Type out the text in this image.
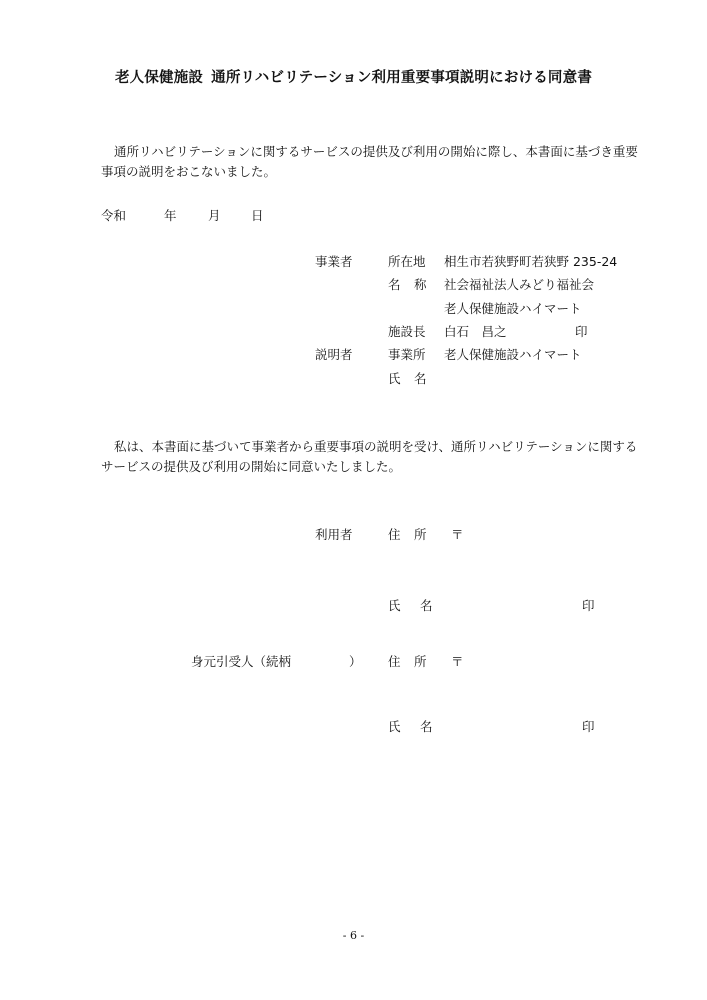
老人保健施設 通所リハビリテーション利用重要事項説明における同意書
通所リハビリテーションに関するサービスの提供及び利用の開始に際し、本書面に基づき重要事項の説明をおこないました。
令和	年	月 日
事業者	所在地 相生市若狭野町若狭野 235-24
名 称 社会福祉法人みどり福祉会
老人保健施設ハイマート
施設長 白石　昌之	印
説明者	事業所 老人保健施設ハイマート
氏 名
私は、本書面に基づいて事業者から重要事項の説明を受け、通所リハビリテーションに関するサービスの提供及び利用の開始に同意いたしました。
利用者	住 所 〒
氏 名	印
身元引受人（続柄	） 住 所 〒
氏 名	印
- 6 -
